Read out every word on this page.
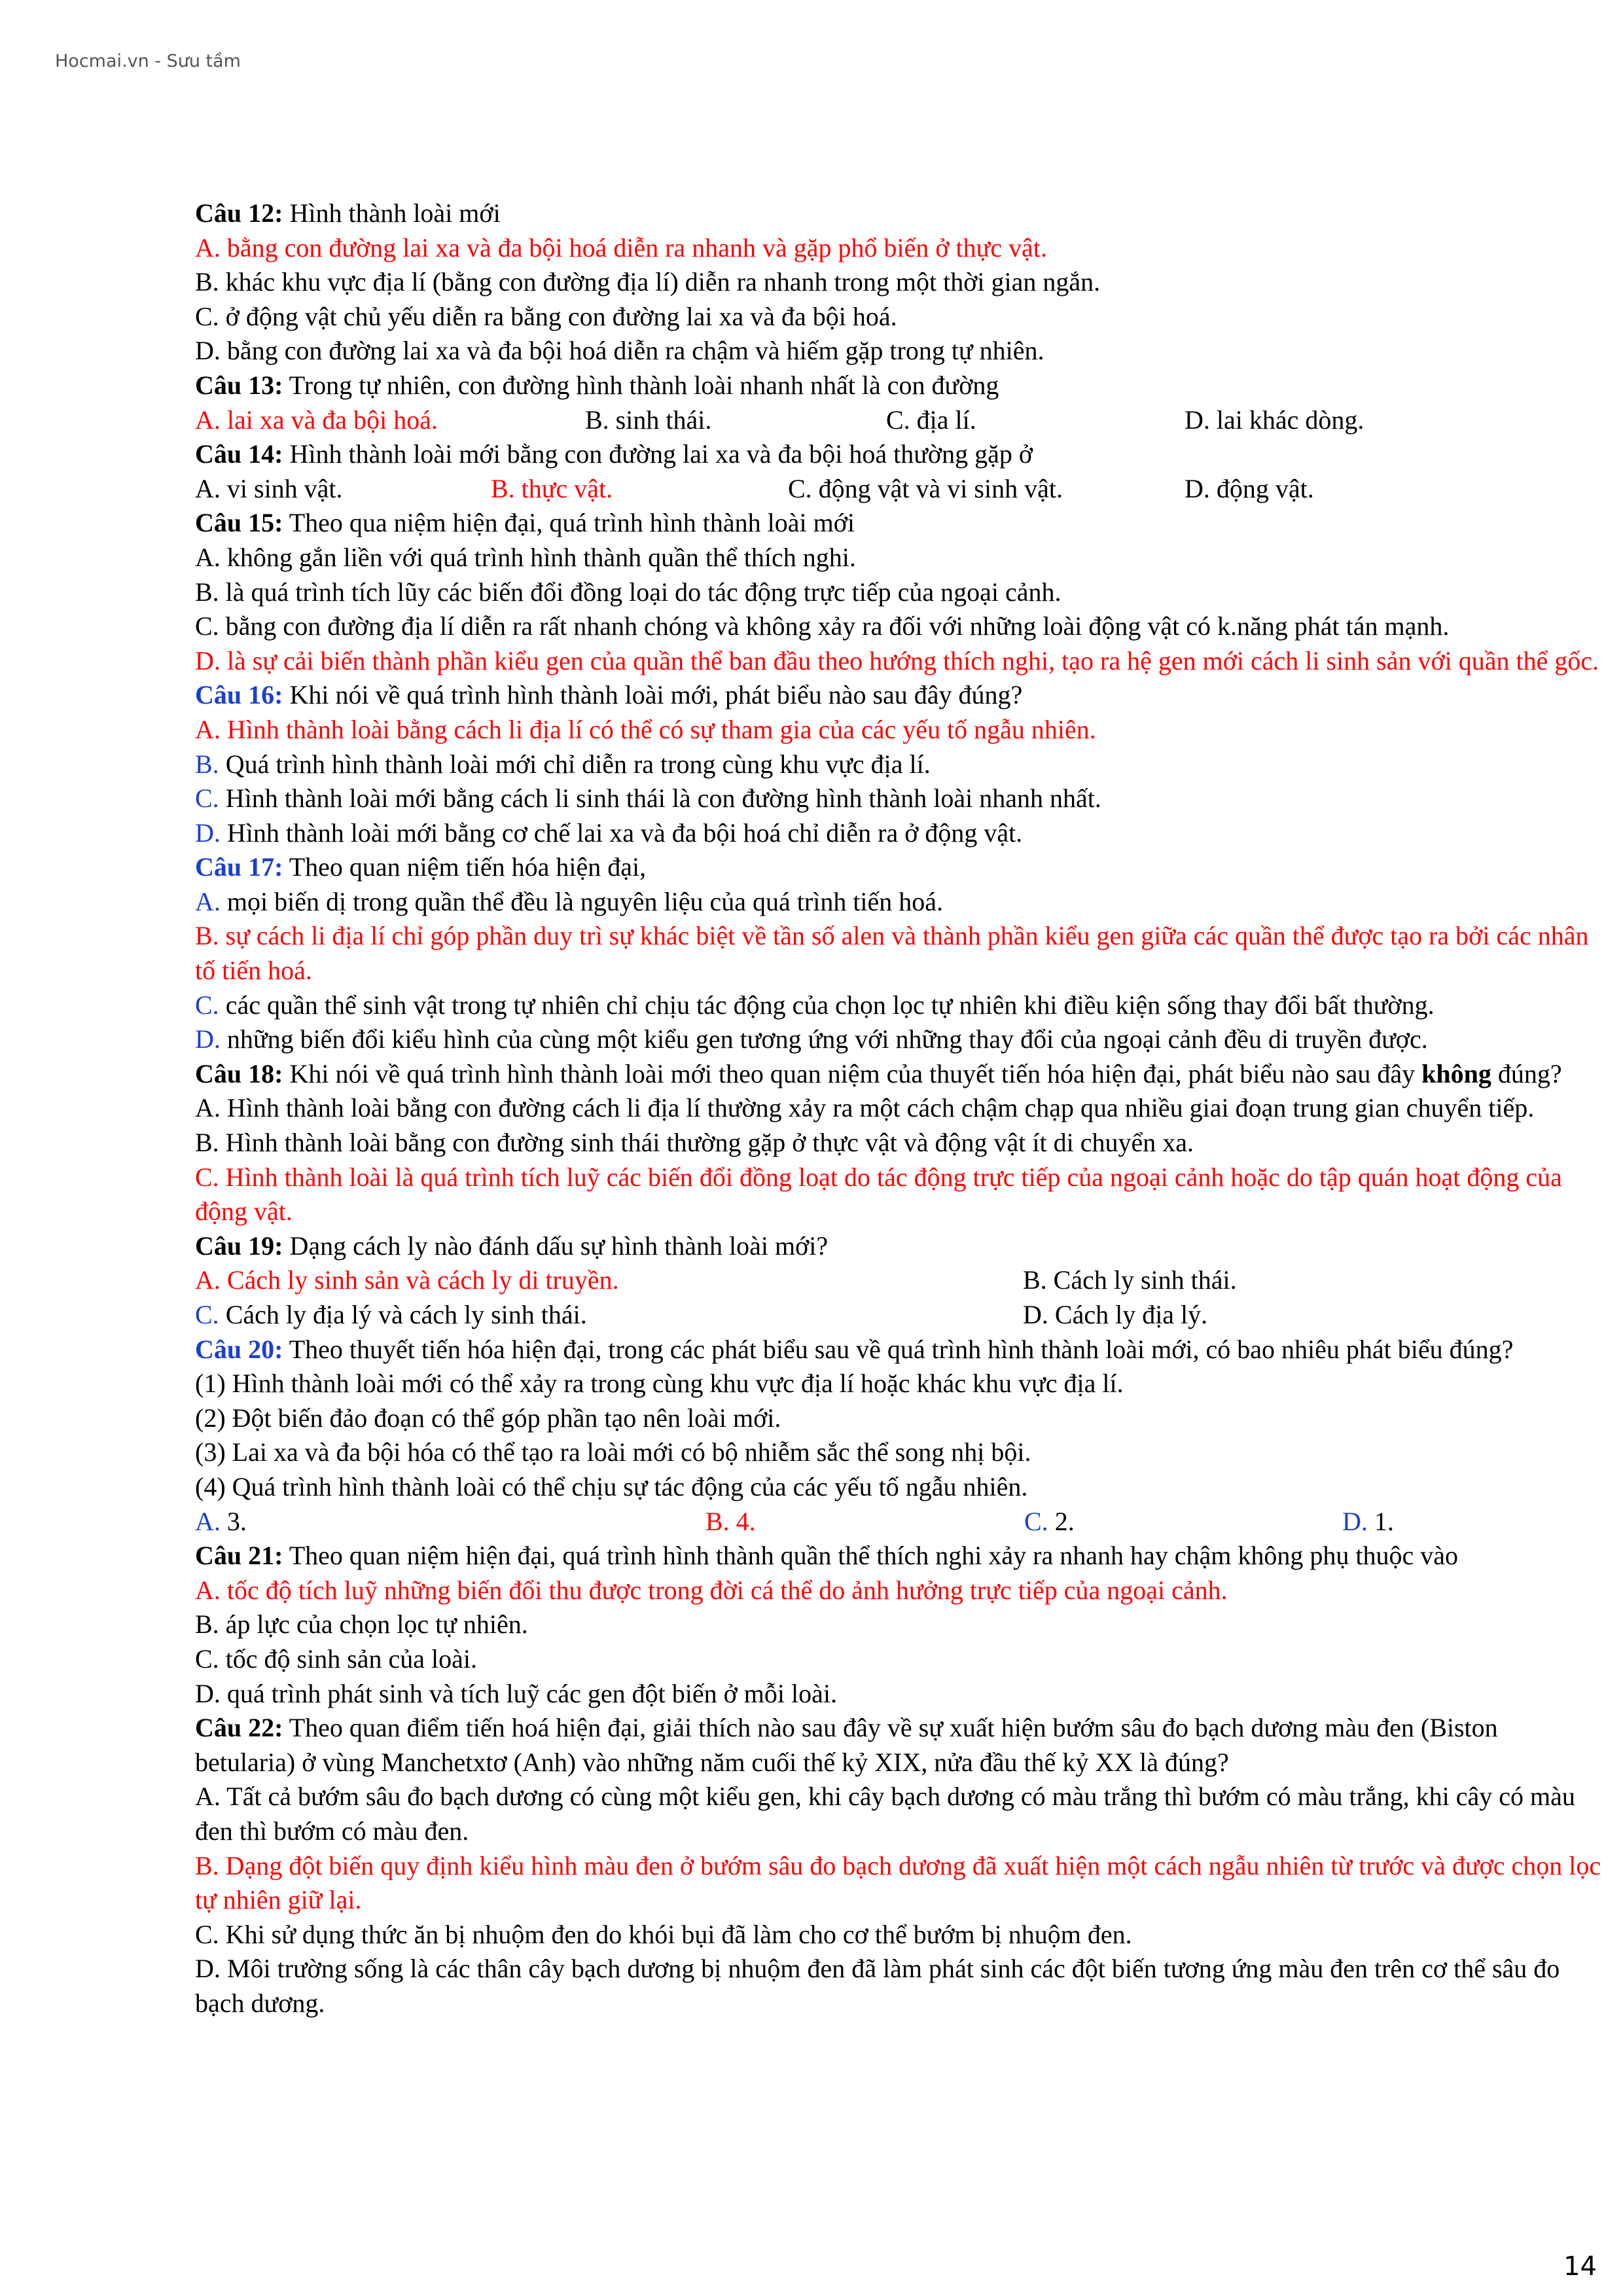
Hocmai.vn - Sưu tầm
Câu 12: Hình thành loài mới
A. bằng con đường lai xa và đa bội hoá diễn ra nhanh và gặp phổ biến ở thực vật.
B. khác khu vực địa lí (bằng con đường địa lí) diễn ra nhanh trong một thời gian ngắn.
C. ở động vật chủ yếu diễn ra bằng con đường lai xa và đa bội hoá.
D. bằng con đường lai xa và đa bội hoá diễn ra chậm và hiếm gặp trong tự nhiên.
Câu 13: Trong tự nhiên, con đường hình thành loài nhanh nhất là con đường
A. lai xa và đa bội hoá.	B. sinh thái.	C. địa lí.	D. lai khác dòng.
Câu 14: Hình thành loài mới bằng con đường lai xa và đa bội hoá thường gặp ở
A. vi sinh vật.	B. thực vật.	C. động vật và vi sinh vật.	D. động vật.
Câu 15: Theo qua niệm hiện đại, quá trình hình thành loài mới
A. không gắn liền với quá trình hình thành quần thể thích nghi.
B. là quá trình tích lũy các biến đổi đồng loại do tác động trực tiếp của ngoại cảnh.
C. bằng con đường địa lí diễn ra rất nhanh chóng và không xảy ra đối với những loài động vật có k.năng phát tán mạnh.
D. là sự cải biến thành phần kiểu gen của quần thể ban đầu theo hướng thích nghi, tạo ra hệ gen mới cách li sinh sản với quần thể gốc.
Câu 16: Khi nói về quá trình hình thành loài mới, phát biểu nào sau đây đúng?
A. Hình thành loài bằng cách li địa lí có thể có sự tham gia của các yếu tố ngẫu nhiên.
B. Quá trình hình thành loài mới chỉ diễn ra trong cùng khu vực địa lí.
C. Hình thành loài mới bằng cách li sinh thái là con đường hình thành loài nhanh nhất.
D. Hình thành loài mới bằng cơ chế lai xa và đa bội hoá chỉ diễn ra ở động vật.
Câu 17: Theo quan niệm tiến hóa hiện đại,
A. mọi biến dị trong quần thể đều là nguyên liệu của quá trình tiến hoá.
B. sự cách li địa lí chỉ góp phần duy trì sự khác biệt về tần số alen và thành phần kiểu gen giữa các quần thể được tạo ra bởi các nhân tố tiến hoá.
C. các quần thể sinh vật trong tự nhiên chỉ chịu tác động của chọn lọc tự nhiên khi điều kiện sống thay đổi bất thường.
D. những biến đổi kiểu hình của cùng một kiểu gen tương ứng với những thay đổi của ngoại cảnh đều di truyền được.
Câu 18: Khi nói về quá trình hình thành loài mới theo quan niệm của thuyết tiến hóa hiện đại, phát biểu nào sau đây không đúng?
A. Hình thành loài bằng con đường cách li địa lí thường xảy ra một cách chậm chạp qua nhiều giai đoạn trung gian chuyển tiếp.
B. Hình thành loài bằng con đường sinh thái thường gặp ở thực vật và động vật ít di chuyển xa.
C. Hình thành loài là quá trình tích luỹ các biến đổi đồng loạt do tác động trực tiếp của ngoại cảnh hoặc do tập quán hoạt động của động vật.
Câu 19: Dạng cách ly nào đánh dấu sự hình thành loài mới?
A. Cách ly sinh sản và cách ly di truyền.	B. Cách ly sinh thái.
C. Cách ly địa lý và cách ly sinh thái.	D. Cách ly địa lý.
Câu 20: Theo thuyết tiến hóa hiện đại, trong các phát biểu sau về quá trình hình thành loài mới, có bao nhiêu phát biểu đúng?
(1) Hình thành loài mới có thể xảy ra trong cùng khu vực địa lí hoặc khác khu vực địa lí.
(2) Đột biến đảo đoạn có thể góp phần tạo nên loài mới.
(3) Lai xa và đa bội hóa có thể tạo ra loài mới có bộ nhiễm sắc thể song nhị bội.
(4) Quá trình hình thành loài có thể chịu sự tác động của các yếu tố ngẫu nhiên.
A. 3.	B. 4.	C. 2.	D. 1.
Câu 21: Theo quan niệm hiện đại, quá trình hình thành quần thể thích nghi xảy ra nhanh hay chậm không phụ thuộc vào
A. tốc độ tích luỹ những biến đổi thu được trong đời cá thể do ảnh hưởng trực tiếp của ngoại cảnh.
B. áp lực của chọn lọc tự nhiên.
C. tốc độ sinh sản của loài.
D. quá trình phát sinh và tích luỹ các gen đột biến ở mỗi loài.
Câu 22: Theo quan điểm tiến hoá hiện đại, giải thích nào sau đây về sự xuất hiện bướm sâu đo bạch dương màu đen (Biston betularia) ở vùng Manchetxtơ (Anh) vào những năm cuối thế kỷ XIX, nửa đầu thế kỷ XX là đúng?
A. Tất cả bướm sâu đo bạch dương có cùng một kiểu gen, khi cây bạch dương có màu trắng thì bướm có màu trắng, khi cây có màu đen thì bướm có màu đen.
B. Dạng đột biến quy định kiểu hình màu đen ở bướm sâu đo bạch dương đã xuất hiện một cách ngẫu nhiên từ trước và được chọn lọc tự nhiên giữ lại.
C. Khi sử dụng thức ăn bị nhuộm đen do khói bụi đã làm cho cơ thể bướm bị nhuộm đen.
D. Môi trường sống là các thân cây bạch dương bị nhuộm đen đã làm phát sinh các đột biến tương ứng màu đen trên cơ thể sâu đo bạch dương.
14
